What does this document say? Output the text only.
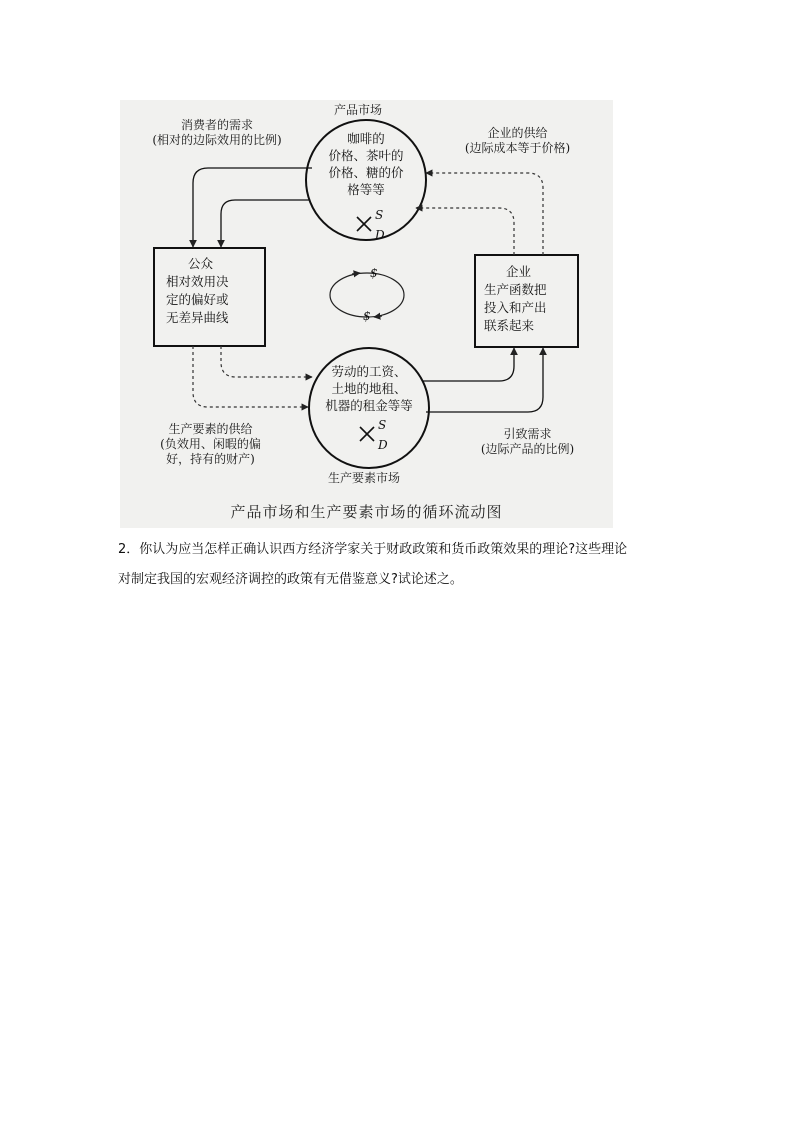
$
$
S
D
S
D
产品市场
咖啡的
价格、茶叶的
价格、糖的价
格等等
劳动的工资、
土地的地租、
机器的租金等等
生产要素市场
公众
相对效用决
定的偏好或
无差异曲线
企业
生产函数把
投入和产出
联系起来
消费者的需求
(相对的边际效用的比例)	企业的供给
(边际成本等于价格)
生产要素的供给
(负效用、闲暇的偏
好，持有的财产)
引致需求
(边际产品的比例)
产品市场和生产要素市场的循环流动图
2．你认为应当怎样正确认识西方经济学家关于财政政策和货币政策效果的理论?这些理论
对制定我国的宏观经济调控的政策有无借鉴意义?试论述之。
